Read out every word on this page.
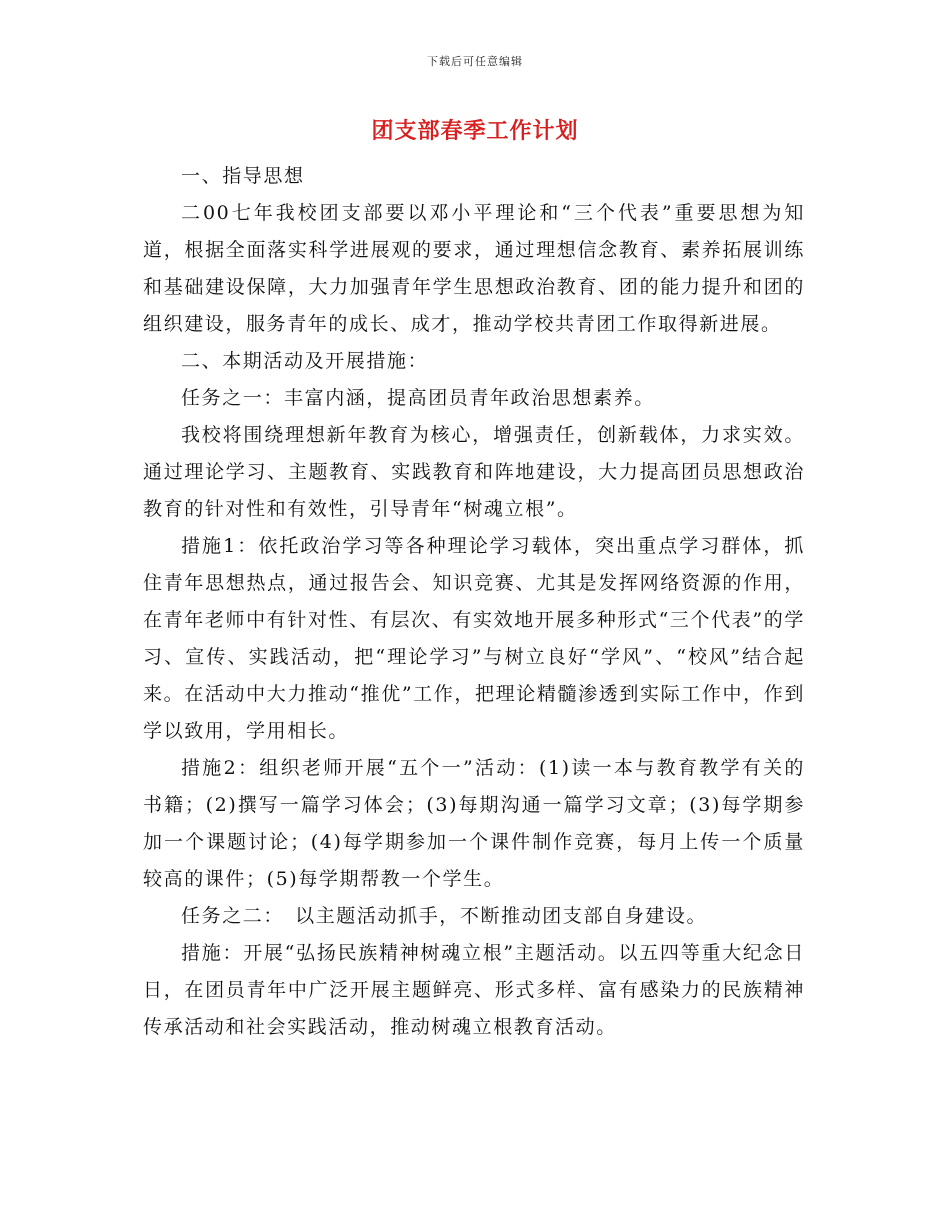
下载后可任意编辑
团支部春季工作计划

一、指导思想

二00七年我校团支部要以邓小平理论和“三个代表”重要思想为知道，根据全面落实科学进展观的要求，通过理想信念教育、素养拓展训练和基础建设保障，大力加强青年学生思想政治教育、团的能力提升和团的组织建设，服务青年的成长、成才，推动学校共青团工作取得新进展。

二、本期活动及开展措施：

任务之一：丰富内涵，提高团员青年政治思想素养。

我校将围绕理想新年教育为核心，增强责任，创新载体，力求实效。通过理论学习、主题教育、实践教育和阵地建设，大力提高团员思想政治教育的针对性和有效性，引导青年“树魂立根”。

措施1：依托政治学习等各种理论学习载体，突出重点学习群体，抓住青年思想热点，通过报告会、知识竞赛、尤其是发挥网络资源的作用，在青年老师中有针对性、有层次、有实效地开展多种形式“三个代表”的学习、宣传、实践活动，把“理论学习”与树立良好“学风”、“校风”结合起来。在活动中大力推动“推优”工作，把理论精髓渗透到实际工作中，作到学以致用，学用相长。

措施2：组织老师开展“五个一”活动：(1)读一本与教育教学有关的书籍；(2)撰写一篇学习体会；(3)每期沟通一篇学习文章；(3)每学期参加一个课题讨论；(4)每学期参加一个课件制作竞赛，每月上传一个质量较高的课件；(5)每学期帮教一个学生。

任务之二：　以主题活动抓手，不断推动团支部自身建设。

措施：开展“弘扬民族精神树魂立根”主题活动。以五四等重大纪念日日，在团员青年中广泛开展主题鲜亮、形式多样、富有感染力的民族精神传承活动和社会实践活动，推动树魂立根教育活动。
